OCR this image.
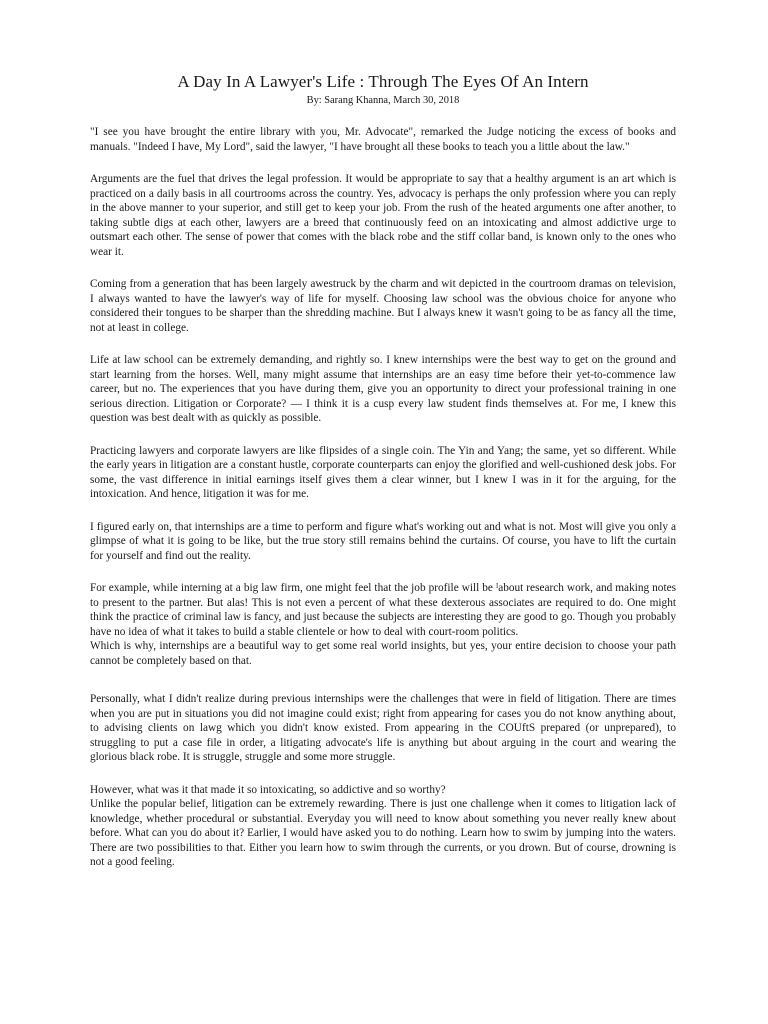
A Day In A Lawyer's Life : Through The Eyes Of An Intern
By: Sarang Khanna, March 30, 2018

"I see you have brought the entire library with you, Mr. Advocate", remarked the Judge noticing the excess of books and manuals. "Indeed I have, My Lord", said the lawyer, "I have brought all these books to teach you a little about the law."

Arguments are the fuel that drives the legal profession. It would be appropriate to say that a healthy argument is an art which is practiced on a daily basis in all courtrooms across the country. Yes, advocacy is perhaps the only profession where you can reply in the above manner to your superior, and still get to keep your job. From the rush of the heated arguments one after another, to taking subtle digs at each other, lawyers are a breed that continuously feed on an intoxicating and almost addictive urge to outsmart each other. The sense of power that comes with the black robe and the stiff collar band, is known only to the ones who wear it.

Coming from a generation that has been largely awestruck by the charm and wit depicted in the courtroom dramas on television, I always wanted to have the lawyer's way of life for myself. Choosing law school was the obvious choice for anyone who considered their tongues to be sharper than the shredding machine. But I always knew it wasn't going to be as fancy all the time, not at least in college.

Life at law school can be extremely demanding, and rightly so. I knew internships were the best way to get on the ground and start learning from the horses. Well, many might assume that internships are an easy time before their yet-to-commence law career, but no. The experiences that you have during them, give you an opportunity to direct your professional training in one serious direction. Litigation or Corporate? — I think it is a cusp every law student finds themselves at. For me, I knew this question was best dealt with as quickly as possible.

Practicing lawyers and corporate lawyers are like flipsides of a single coin. The Yin and Yang; the same, yet so different. While the early years in litigation are a constant hustle, corporate counterparts can enjoy the glorified and well-cushioned desk jobs. For some, the vast difference in initial earnings itself gives them a clear winner, but I knew I was in it for the arguing, for the intoxication. And hence, litigation it was for me.

I figured early on, that internships are a time to perform and figure what's working out and what is not. Most will give you only a glimpse of what it is going to be like, but the true story still remains behind the curtains. Of course, you have to lift the curtain for yourself and find out the reality.

For example, while interning at a big law firm, one might feel that the job profile will be ᴵabout research work, and making notes to present to the partner. But alas! This is not even a percent of what these dexterous associates are required to do. One might think the practice of criminal law is fancy, and just because the subjects are interesting they are good to go. Though you probably have no idea of what it takes to build a stable clientele or how to deal with court-room politics.

Which is why, internships are a beautiful way to get some real world insights, but yes, your entire decision to choose your path cannot be completely based on that.

Personally, what I didn't realize during previous internships were the challenges that were in field of litigation. There are times when you are put in situations you did not imagine could exist; right from appearing for cases you do not know anything about, to advising clients on lawg which you didn't know existed. From appearing in the COUftS prepared (or unprepared), to struggling to put a case file in order, a litigating advocate's life is anything but about arguing in the court and wearing the glorious black robe. It is struggle, struggle and some more struggle.

However, what was it that made it so intoxicating, so addictive and so worthy?

Unlike the popular belief, litigation can be extremely rewarding. There is just one challenge when it comes to litigation lack of knowledge, whether procedural or substantial. Everyday you will need to know about something you never really knew about before. What can you do about it? Earlier, I would have asked you to do nothing. Learn how to swim by jumping into the waters. There are two possibilities to that. Either you learn how to swim through the currents, or you drown. But of course, drowning is not a good feeling.
